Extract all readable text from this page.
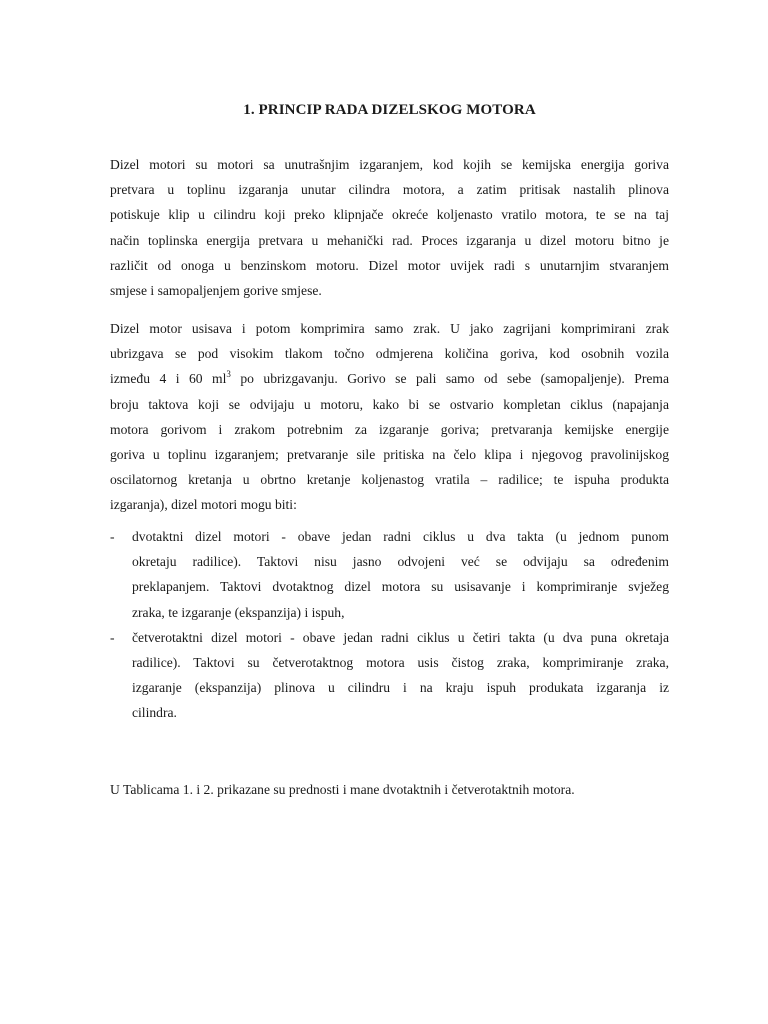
1. PRINCIP RADA DIZELSKOG MOTORA
Dizel motori su motori sa unutrašnjim izgaranjem, kod kojih se kemijska energija goriva
pretvara u toplinu izgaranja unutar cilindra motora, a zatim pritisak nastalih plinova
potiskuje klip u cilindru koji preko klipnjače okreće koljenasto vratilo motora, te se na taj
način toplinska energija pretvara u mehanički rad. Proces izgaranja u dizel motoru bitno je
različit od onoga u benzinskom motoru. Dizel motor uvijek radi s unutarnjim stvaranjem
smjese i samopaljenjem gorive smjese.
Dizel motor usisava i potom komprimira samo zrak. U jako zagrijani komprimirani zrak
ubrizgava se pod visokim tlakom točno odmjerena količina goriva, kod osobnih vozila
između 4 i 60 $ml^3$ po ubrizgavanju. Gorivo se pali samo od sebe (samopaljenje). Prema
broju taktova koji se odvijaju u motoru, kako bi se ostvario kompletan ciklus (napajanja
motora gorivom i zrakom potrebnim za izgaranje goriva; pretvaranja kemijske energije
goriva u toplinu izgaranjem; pretvaranje sile pritiska na čelo klipa i njegovog pravolinijskog
oscilatornog kretanja u obrtno kretanje koljenastog vratila – radilice; te ispuha produkta
izgaranja), dizel motori mogu biti:
- dvotaktni dizel motori - obave jedan radni ciklus u dva takta (u jednom punom
okretaju radilice). Taktovi nisu jasno odvojeni već se odvijaju sa određenim
preklapanjem. Taktovi dvotaktnog dizel motora su usisavanje i komprimiranje svježeg
zraka, te izgaranje (ekspanzija) i ispuh,
- četverotaktni dizel motori - obave jedan radni ciklus u četiri takta (u dva puna okretaja
radilice). Taktovi su četverotaktnog motora usis čistog zraka, komprimiranje zraka,
izgaranje (ekspanzija) plinova u cilindru i na kraju ispuh produkata izgaranja iz
cilindra.
U Tablicama 1. i 2. prikazane su prednosti i mane dvotaktnih i četverotaktnih motora.
